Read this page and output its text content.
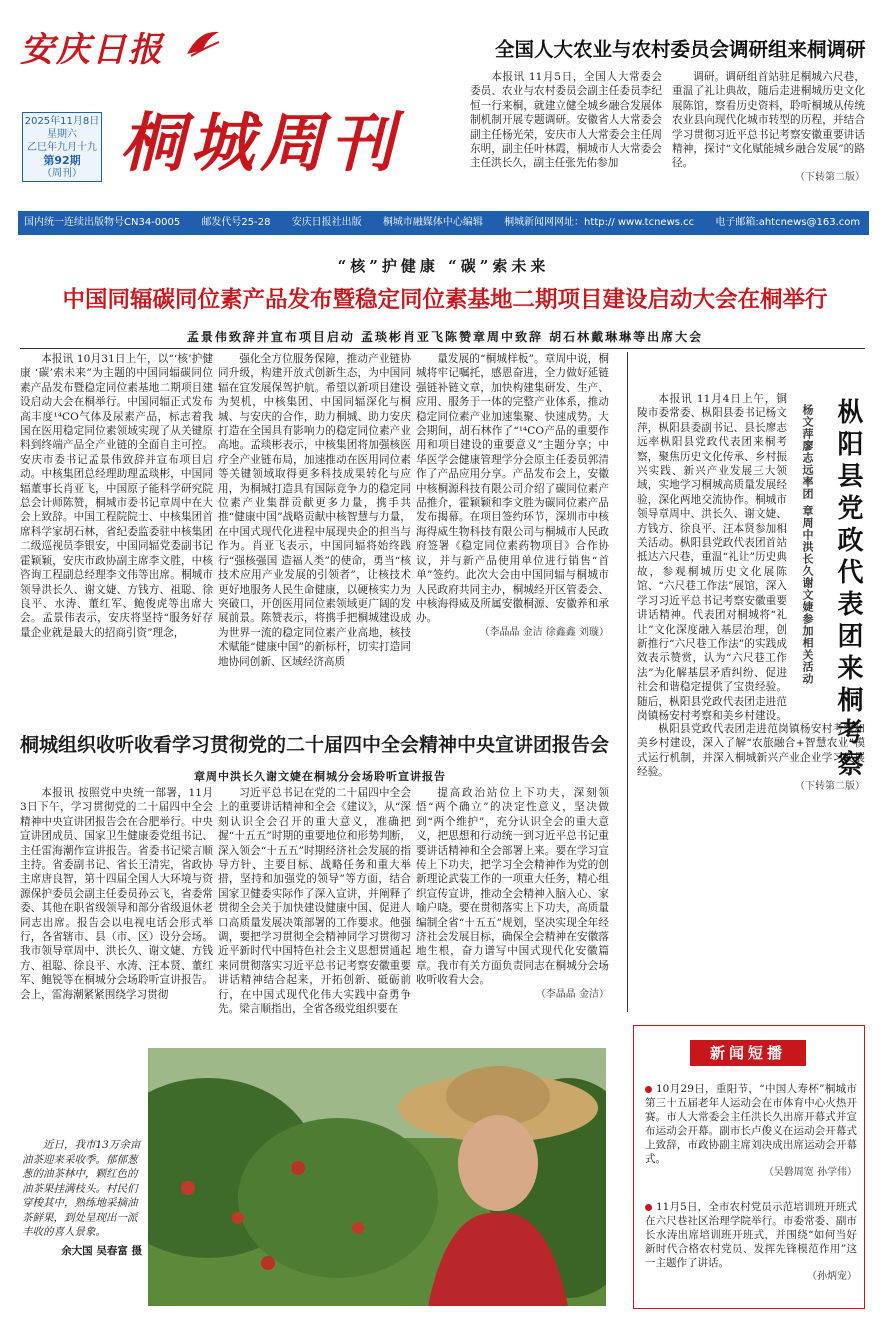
安庆日报	全国人大农业与农村委员会调研组来桐调研

本报讯 11月5日，全国人大常委会委员、农业与农村委员会副主任委员李纪恒一行来桐，就建立健全城乡融合发展体制机制开展专题调研。安徽省人大常委会副主任杨光荣，安庆市人大常委会主任周东明，副主任叶林霞，桐城市人大常委会主任洪长久，副主任张先佑参加

调研。调研组首站驻足桐城六尺巷，重温了礼让典故，随后走进桐城历史文化展陈馆，察看历史资料，聆听桐城从传统农业县向现代化城市转型的历程，并结合学习贯彻习近平总书记考察安徽重要讲话精神，探讨“文化赋能城乡融合发展”的路径。

（下转第二版）
2025年11月8日
星期六
乙巳年九月十九
第92期
（周刊） 桐城周刊
国内统一连续出版物号CN34-0005 邮发代号25-28 安庆日报社出版 桐城市融媒体中心编辑 桐城新闻网网址：http:// www.tcnews.cc 电子邮箱:ahtcnews@163.com
“核”护健康 “碳”索未来
中国同辐碳同位素产品发布暨稳定同位素基地二期项目建设启动大会在桐举行
孟景伟致辞并宣布项目启动 孟琰彬肖亚飞陈赞章周中致辞 胡石林戴琳琳等出席大会

本报讯 10月31日上午，以“‘核’护健康 ‘碳’索未来”为主题的中国同辐碳同位素产品发布暨稳定同位素基地二期项目建设启动大会在桐举行。中国同辐正式发布高丰度¹⁴CO气体及尿素产品，标志着我国在医用稳定同位素领域实现了从关键原料到终端产品全产业链的全面自主可控。安庆市委书记孟景伟致辞并宣布项目启动。中核集团总经理助理孟琰彬，中国同辐董事长肖亚飞，中国原子能科学研究院总会计师陈赞，桐城市委书记章周中在大会上致辞。中国工程院院士、中核集团首席科学家胡石林，省纪委监委驻中核集团二级巡视员李银安，中国同辐党委副书记霍颖颖，安庆市政协副主席李文胜，中核咨询工程副总经理李文伟等出席。桐城市领导洪长久、谢文婕、方钱方、祖聪、徐良平、水涛、董红军、鲍俊虎等出席大会。孟景伟表示，安庆将坚持“服务好存量企业就是最大的招商引资”理念，

强化全方位服务保障，推动产业链协同升级，构建开放式创新生态，为中国同辐在宜发展保驾护航。希望以新项目建设为契机，中核集团、中国同辐深化与桐城、与安庆的合作，助力桐城、助力安庆打造在全国具有影响力的稳定同位素产业高地。孟琰彬表示，中核集团将加强核医疗全产业链布局，加速推动在医用同位素等关键领域取得更多科技成果转化与应用，为桐城打造具有国际竞争力的稳定同位素产业集群贡献更多力量，携手共推“健康中国”战略贡献中核智慧与力量，在中国式现代化进程中展现央企的担当与作为。肖亚飞表示，中国同辐将始终践行“强核强国 造福人类”的使命，勇当“核技术应用产业发展的引领者”，让核技术更好地服务人民生命健康，以硬核实力为突破口，开创医用同位素领域更广阔的发展前景。陈赞表示，将携手把桐城建设成为世界一流的稳定同位素产业高地，核技术赋能“健康中国”的新标杆，切实打造同地协同创新、区域经济高质

量发展的“桐城样板”。章周中说，桐城将牢记嘱托，感恩奋进，全力做好延链强链补链文章，加快构建集研发、生产、应用、服务于一体的完整产业体系，推动稳定同位素产业加速集聚、快速成势。大会期间，胡石林作了“¹⁴CO产品的重要作用和项目建设的重要意义”主题分享；中华医学会健康管理学分会原主任委员郭清作了产品应用分享。产品发布会上，安徽中核桐源科技有限公司介绍了碳同位素产品推介，霍颖颖和李文胜为碳同位素产品发布揭幕。在项目签约环节，深圳市中核海得威生物科技有限公司与桐城市人民政府签署《稳定同位素药物项目》合作协议，并与新产品使用单位进行销售“首单”签约。此次大会由中国同辐与桐城市人民政府共同主办，桐城经开区管委会、中核海得威及所属安徽桐源、安徽养和承办。

（李晶晶 金洁 徐鑫鑫 刘璇）	枞阳县党政代表团来桐考察
杨文萍廖志远率团 章周中洪长久谢文婕参加相关活动

本报讯 11月4日上午，铜陵市委常委、枞阳县委书记杨文萍，枞阳县委副书记、县长廖志远率枞阳县党政代表团来桐考察，聚焦历史文化传承、乡村振兴实践、新兴产业发展三大领域，实地学习桐城高质量发展经验，深化两地交流协作。桐城市领导章周中、洪长久、谢文婕、方钱方、徐良平、汪本贤参加相关活动。枞阳县党政代表团首站抵达六尺巷，重温“礼让”历史典故，参观桐城历史文化展陈馆、“六尺巷工作法”展馆，深入学习习近平总书记考察安徽重要讲话精神。代表团对桐城将“礼让”文化深度融入基层治理，创新推行“六尺巷工作法”的实践成效表示赞赏，认为“六尺巷工作法”为化解基层矛盾纠纷、促进社会和谐稳定提供了宝贵经验。随后，枞阳县党政代表团走进范岗镇杨安村考察和美乡村建设。

枞阳县党政代表团走进范岗镇杨安村考察和美乡村建设，深入了解“农旅融合+智慧农业”模式运行机制，并深入桐城新兴产业企业学习发展经验。

（下转第二版）
桐城组织收听收看学习贯彻党的二十届四中全会精神中央宣讲团报告会
章周中洪长久谢文婕在桐城分会场聆听宣讲报告

本报讯 按照党中央统一部署，11月3日下午，学习贯彻党的二十届四中全会精神中央宣讲团报告会在合肥举行。中央宣讲团成员、国家卫生健康委党组书记、主任雷海潮作宣讲报告。省委书记梁言顺主持。省委副书记、省长王清宪，省政协主席唐良智，第十四届全国人大环境与资源保护委员会副主任委员孙云飞，省委常委、其他在职省级领导和部分省级退休老同志出席。报告会以电视电话会形式举行，各省辖市、县（市、区）设分会场。我市领导章周中、洪长久、谢文婕、方钱方、祖聪、徐良平、水涛、汪本贤、董红军、鲍锐等在桐城分会场聆听宣讲报告。会上，雷海潮紧紧围绕学习贯彻

习近平总书记在党的二十届四中全会上的重要讲话精神和全会《建议》，从“深刻认识全会召开的重大意义，准确把握“十五五”时期的重要地位和形势判断，深入领会“十五五”时期经济社会发展的指导方针、主要目标、战略任务和重大举措，坚持和加强党的领导”等方面，结合国家卫健委实际作了深入宣讲，并阐释了贯彻全会关于加快建设健康中国、促进人口高质量发展决策部署的工作要求。他强调，要把学习贯彻全会精神同学习贯彻习近平新时代中国特色社会主义思想贯通起来同贯彻落实习近平总书记考察安徽重要讲话精神结合起来，开拓创新、砥砺前行，在中国式现代化伟大实践中奋勇争先。梁言顺指出，全省各级党组织要在

提高政治站位上下功夫，深刻领悟“两个确立”的决定性意义，坚决做到“两个维护”，充分认识全会的重大意义，把思想和行动统一到习近平总书记重要讲话精神和全会部署上来。要在学习宣传上下功夫，把学习全会精神作为党的创新理论武装工作的一项重大任务，精心组织宣传宣讲，推动全会精神入脑入心、家喻户晓。要在贯彻落实上下功夫，高质量编制全省“十五五”规划，坚决实现全年经济社会发展目标，确保全会精神在安徽落地生根，奋力谱写中国式现代化安徽篇章。我市有关方面负责同志在桐城分会场收听收看大会。

（李晶晶 金洁）

近日，我市13万余亩油茶迎来采收季。郁郁葱葱的油茶林中，颗红色的油茶果挂满枝头。村民们穿梭其中，熟练地采摘油茶鲜果，到处呈现出一派丰收的喜人景象。

余大国 吴春富 摄

新闻短播
10月29日，重阳节，“中国人寿杯”桐城市第三十五届老年人运动会在市体育中心火热开赛。市人大常委会主任洪长久出席开幕式并宣布运动会开幕。副市长卢俊义在运动会开幕式上致辞，市政协副主席刘决成出席运动会开幕式。
（吴磐周宽 孙学伟）
11月5日，全市农村党员示范培训班开班式在六尺巷社区治理学院举行。市委常委、副市长水涛出席培训班开班式，并围绕“如何当好新时代合格农村党员、发挥先锋模范作用”这一主题作了讲话。
（孙炳宠）
